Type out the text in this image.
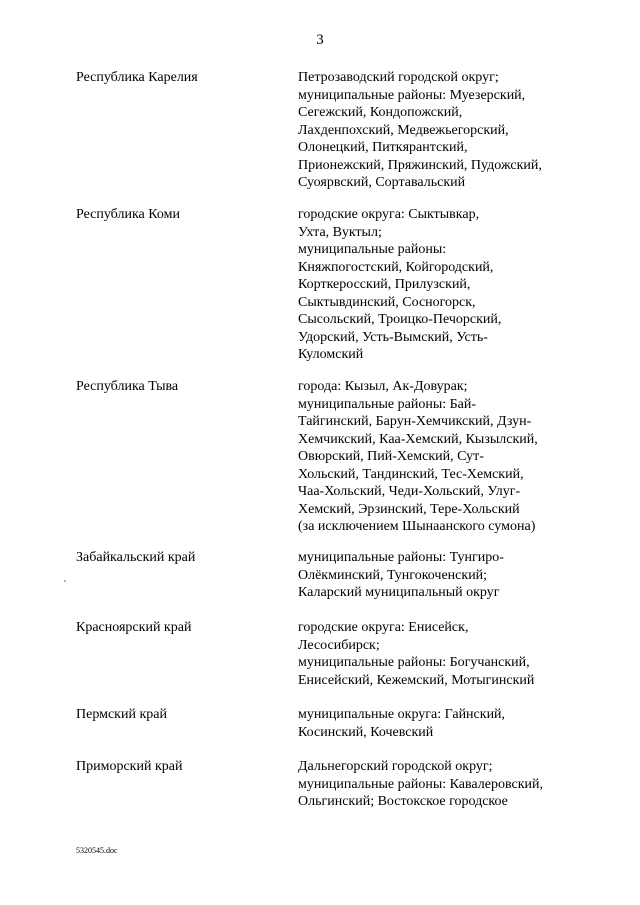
3
Республика Карелия	Петрозаводский городской округ;
муниципальные районы: Муезерский,
Сегежский, Кондопожский,
Лахденпохский, Медвежьегорский,
Олонецкий, Питкярантский,
Прионежский, Пряжинский, Пудожский,
Суоярвский, Сортавальский
Республика Коми	городские округа: Сыктывкар,
Ухта, Вуктыл;
муниципальные районы:
Княжпогостский, Койгородский,
Корткеросский, Прилузский,
Сыктывдинский, Сосногорск,
Сысольский, Троицко-Печорский,
Удорский, Усть-Вымский, Усть-
Куломский
Республика Тыва	города: Кызыл, Ак-Довурак;
муниципальные районы: Бай-
Тайгинский, Барун-Хемчикский, Дзун-
Хемчикский, Каа-Хемский, Кызылский,
Овюрский, Пий-Хемский, Сут-
Хольский, Тандинский, Тес-Хемский,
Чаа-Хольский, Чеди-Хольский, Улуг-
Хемский, Эрзинский, Тере-Хольский
(за исключением Шынаанского сумона)
Забайкальский край	муниципальные районы: Тунгиро-
Олёкминский, Тунгокоченский;
Каларский муниципальный округ
Красноярский край	городские округа: Енисейск,
Лесосибирск;
муниципальные районы: Богучанский,
Енисейский, Кежемский, Мотыгинский
Пермский край	муниципальные округа: Гайнский,
Косинский, Кочевский
Приморский край	Дальнегорский городской округ;
муниципальные районы: Кавалеровский,
Ольгинский; Востокское городское
5320545.doc
